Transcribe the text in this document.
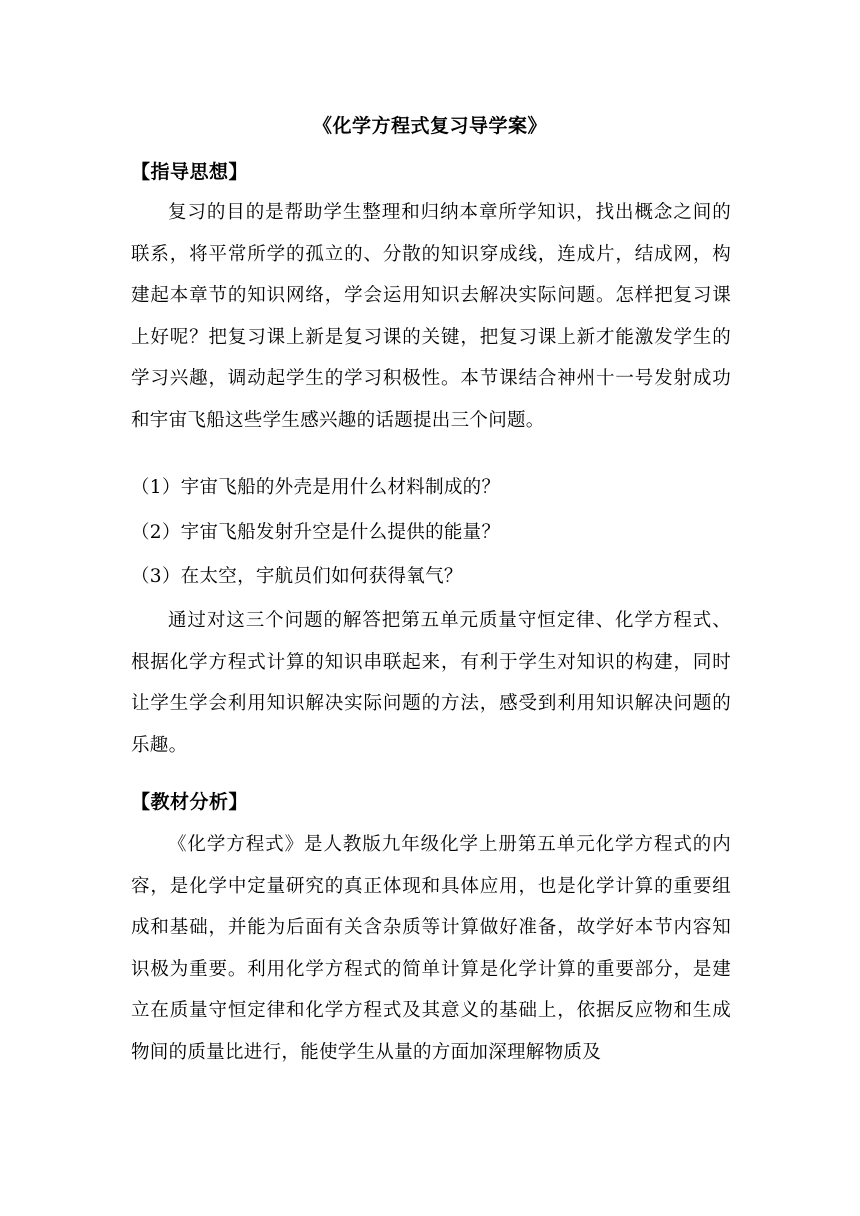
《化学方程式复习导学案》
【指导思想】
复习的目的是帮助学生整理和归纳本章所学知识，找出概念之间的联系，将平常所学的孤立的、分散的知识穿成线，连成片，结成网，构建起本章节的知识网络，学会运用知识去解决实际问题。怎样把复习课上好呢？把复习课上新是复习课的关键，把复习课上新才能激发学生的学习兴趣，调动起学生的学习积极性。本节课结合神州十一号发射成功和宇宙飞船这些学生感兴趣的话题提出三个问题。
（1）宇宙飞船的外壳是用什么材料制成的？
（2）宇宙飞船发射升空是什么提供的能量？
（3）在太空，宇航员们如何获得氧气？
通过对这三个问题的解答把第五单元质量守恒定律、化学方程式、根据化学方程式计算的知识串联起来，有利于学生对知识的构建，同时让学生学会利用知识解决实际问题的方法，感受到利用知识解决问题的乐趣。
【教材分析】
《化学方程式》是人教版九年级化学上册第五单元化学方程式的内容，是化学中定量研究的真正体现和具体应用，也是化学计算的重要组成和基础，并能为后面有关含杂质等计算做好准备，故学好本节内容知识极为重要。利用化学方程式的简单计算是化学计算的重要部分，是建立在质量守恒定律和化学方程式及其意义的基础上，依据反应物和生成物间的质量比进行，能使学生从量的方面加深理解物质及
